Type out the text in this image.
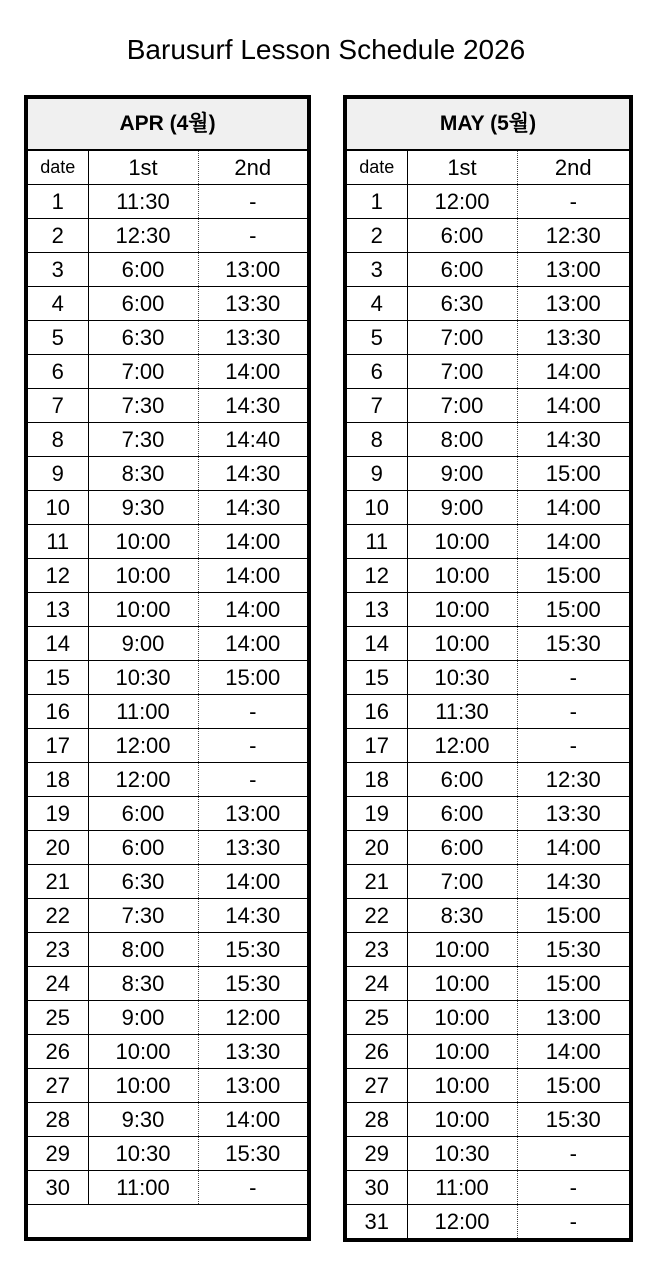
Barusurf Lesson Schedule 2026
APR (4월)		
date	1st	2nd
1	11:30	-
2	12:30	-
3	6:00	13:00
4	6:00	13:30
5	6:30	13:30
6	7:00	14:00
7	7:30	14:30
8	7:30	14:40
9	8:30	14:30
10	9:30	14:30
11	10:00	14:00
12	10:00	14:00
13	10:00	14:00
14	9:00	14:00
15	10:30	15:00
16	11:00	-
17	12:00	-
18	12:00	-
19	6:00	13:00
20	6:00	13:30
21	6:30	14:00
22	7:30	14:30
23	8:00	15:30
24	8:30	15:30
25	9:00	12:00
26	10:00	13:30
27	10:00	13:00
28	9:30	14:00
29	10:30	15:30
30	11:00	-

MAY (5월)		
date	1st	2nd
1	12:00	-
2	6:00	12:30
3	6:00	13:00
4	6:30	13:00
5	7:00	13:30
6	7:00	14:00
7	7:00	14:00
8	8:00	14:30
9	9:00	15:00
10	9:00	14:00
11	10:00	14:00
12	10:00	15:00
13	10:00	15:00
14	10:00	15:30
15	10:30	-
16	11:30	-
17	12:00	-
18	6:00	12:30
19	6:00	13:30
20	6:00	14:00
21	7:00	14:30
22	8:30	15:00
23	10:00	15:30
24	10:00	15:00
25	10:00	13:00
26	10:00	14:00
27	10:00	15:00
28	10:00	15:30
29	10:30	-
30	11:00	-
31	12:00	-
